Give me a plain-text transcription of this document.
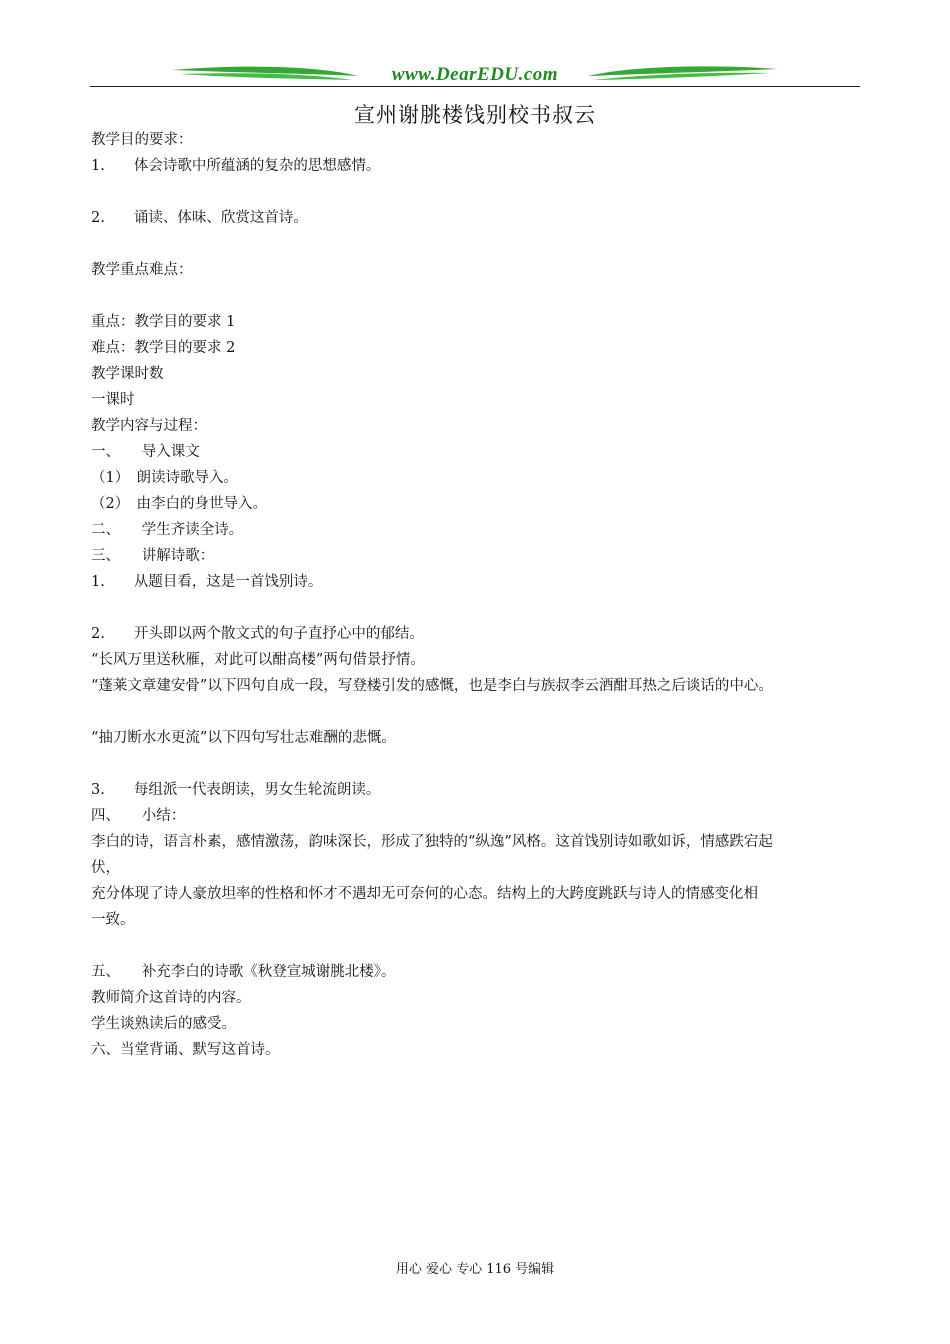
www.DearEDU.com
宣州谢朓楼饯别校书叔云

教学目的要求：

1.　　体会诗歌中所蕴涵的复杂的思想感情。

2.　　诵读、体味、欣赏这首诗。

教学重点难点：

重点：教学目的要求 1

难点：教学目的要求 2

教学课时数

一课时

教学内容与过程：

一、　　导入课文

（1）　朗读诗歌导入。

（2）　由李白的身世导入。

二、　　学生齐读全诗。

三、　　讲解诗歌：

1.　　从题目看，这是一首饯别诗。

2.　　开头即以两个散文式的句子直抒心中的郁结。

“长风万里送秋雁，对此可以酣高楼”两句借景抒情。

“蓬莱文章建安骨”以下四句自成一段，写登楼引发的感慨，也是李白与族叔李云酒酣耳热之后谈话的中心。

“抽刀断水水更流”以下四句写壮志难酬的悲慨。

3.　　每组派一代表朗读，男女生轮流朗读。

四、　　小结：

李白的诗，语言朴素，感情激荡，韵味深长，形成了独特的“纵逸”风格。这首饯别诗如歌如诉，情感跌宕起

伏，

充分体现了诗人豪放坦率的性格和怀才不遇却无可奈何的心态。结构上的大跨度跳跃与诗人的情感变化相

一致。

五、　　补充李白的诗歌《秋登宣城谢朓北楼》。

教师简介这首诗的内容。

学生谈熟读后的感受。

六、当堂背诵、默写这首诗。

用心 爱心 专心 116 号编辑
